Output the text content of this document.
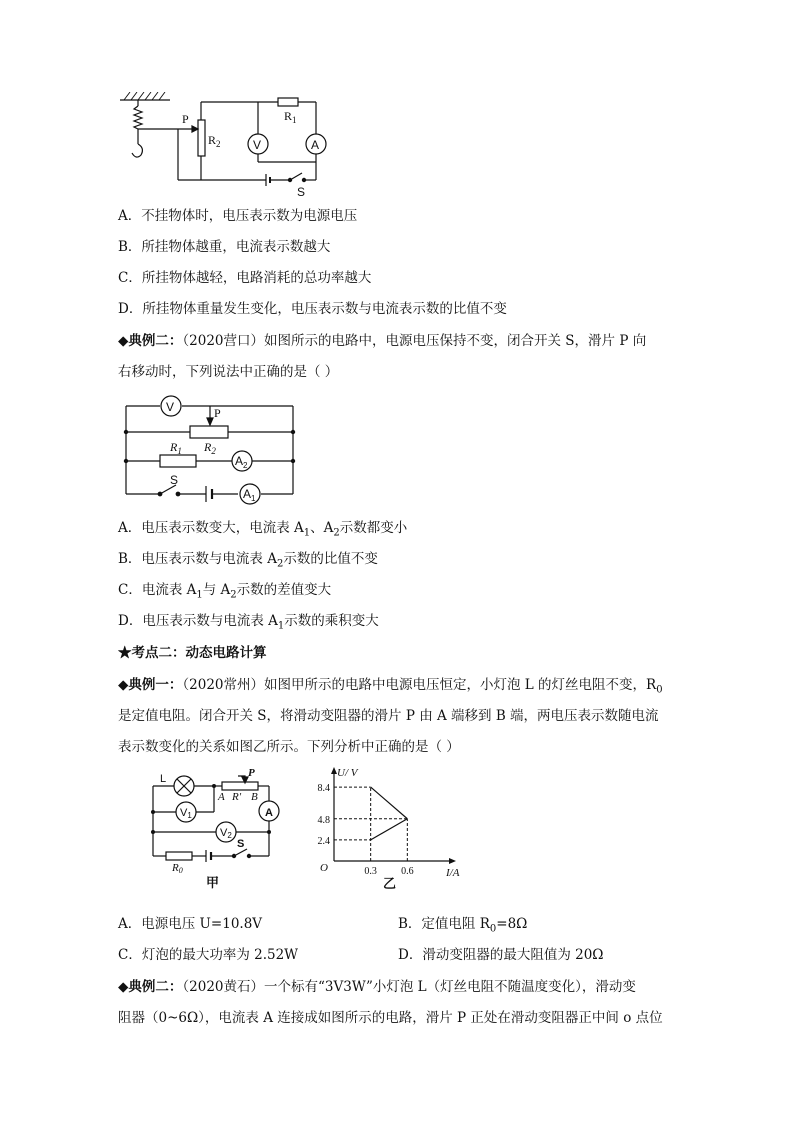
P
$R_2$
$R_1$
V	A
S
A．不挂物体时，电压表示数为电源电压
B．所挂物体越重，电流表示数越大
C．所挂物体越轻，电路消耗的总功率越大
D．所挂物体重量发生变化，电压表示数与电流表示数的比值不变
◆典例二：（2020营口）如图所示的电路中，电源电压保持不变，闭合开关 S，滑片 P 向
右移动时，下列说法中正确的是（ ）
V	P
$R_1$ $R_2$
$A_2$
S
$A_1$
A．电压表示数变大，电流表 $A_1$、$A_2$示数都变小
B．电压表示数与电流表 $A_2$示数的比值不变
C．电流表 $A_1$与 $A_2$示数的差值变大
D．电压表示数与电流表 $A_1$示数的乘积变大
★考点二：动态电路计算
◆典例一：（2020常州）如图甲所示的电路中电源电压恒定，小灯泡 L 的灯丝电阻不变，$R_0$
是定值电阻。闭合开关 S，将滑动变阻器的滑片 P 由 A 端移到 B 端，两电压表示数随电流
表示数变化的关系如图乙所示。下列分析中正确的是（ ）
L	P
A R′ B
V1	A
V2
R0
S
甲
8.4
4.8
2.4
0.3 0.6
U/ V
I/A
O
乙
A．电源电压 U=10.8V	B．定值电阻 $R_0=8\Omega$
C．灯泡的最大功率为 2.52W	D．滑动变阻器的最大阻值为 20Ω
◆典例二：（2020黄石）一个标有“3V3W”小灯泡 L（灯丝电阻不随温度变化），滑动变
阻器（0~6Ω），电流表 A 连接成如图所示的电路，滑片 P 正处在滑动变阻器正中间 o 点位
